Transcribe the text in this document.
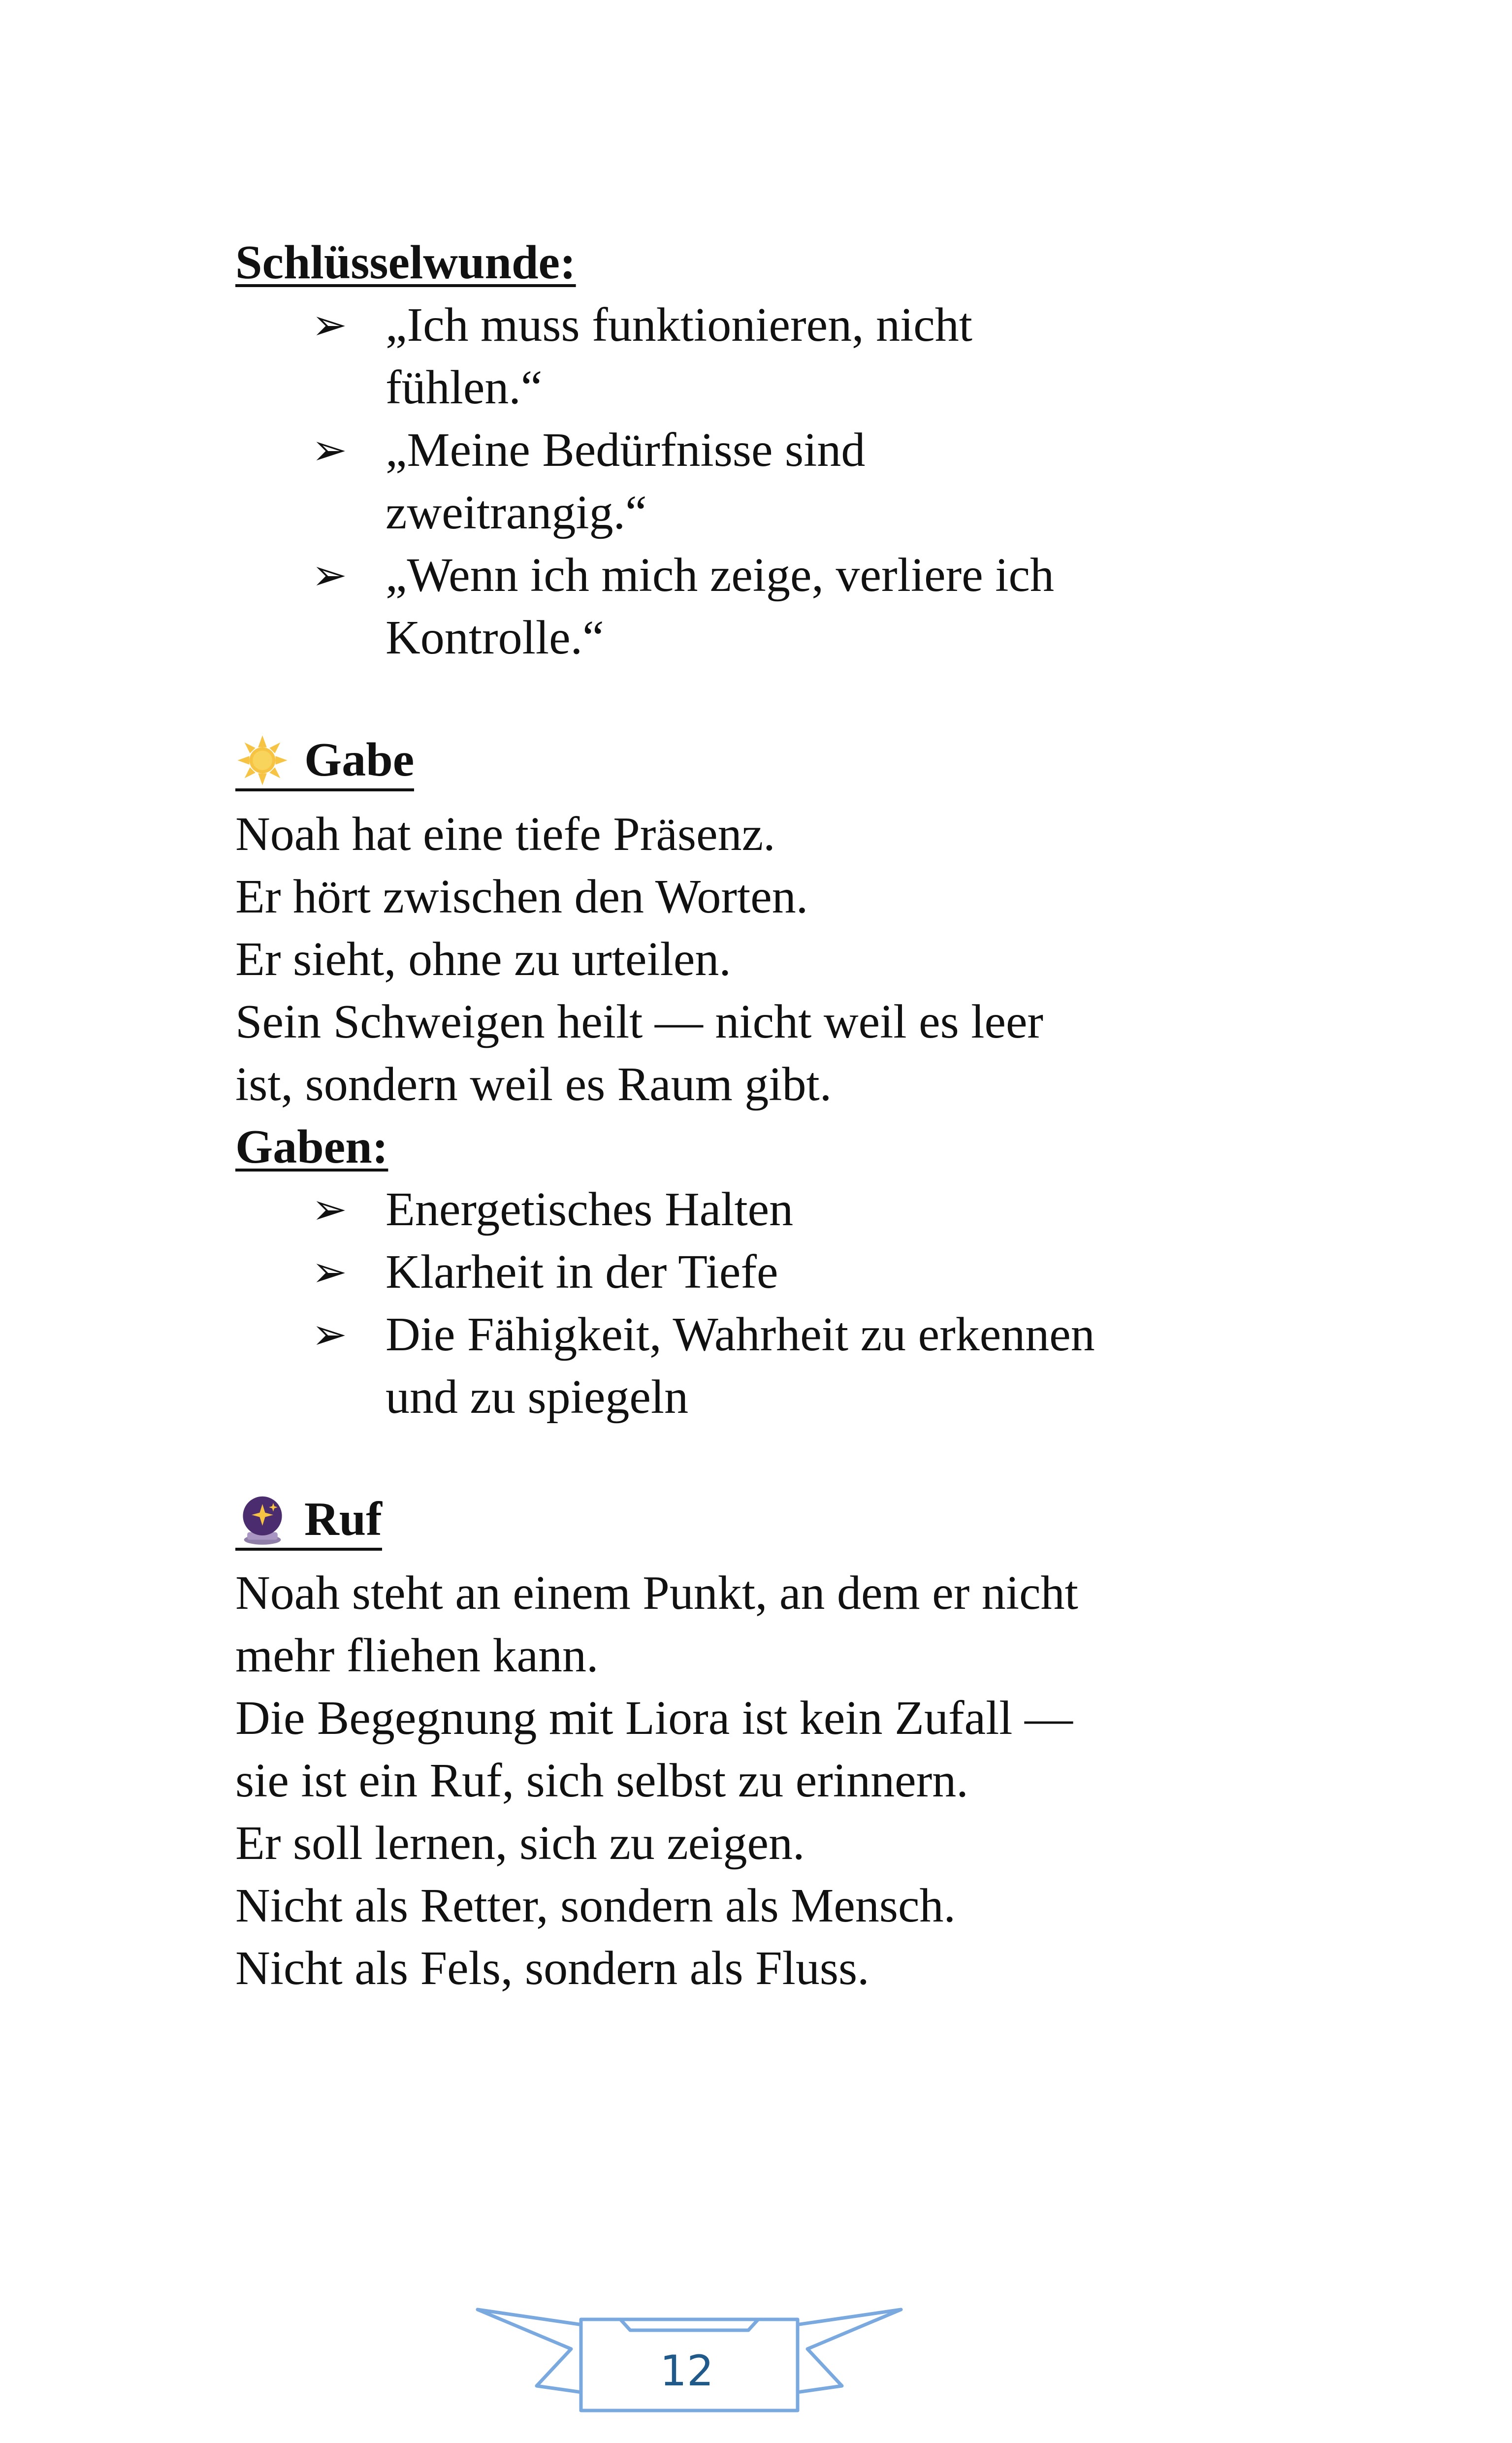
Schlüsselwunde:
➢ „Ich muss funktionieren, nicht fühlen.“
➢ „Meine Bedürfnisse sind zweitrangig.“
➢ „Wenn ich mich zeige, verliere ich Kontrolle.“
Gabe
Noah hat eine tiefe Präsenz.
Er hört zwischen den Worten.
Er sieht, ohne zu urteilen.
Sein Schweigen heilt — nicht weil es leer
ist, sondern weil es Raum gibt.
Gaben:
➢ Energetisches Halten
➢ Klarheit in der Tiefe
➢ Die Fähigkeit, Wahrheit zu erkennen und zu spiegeln
Ruf
Noah steht an einem Punkt, an dem er nicht
mehr fliehen kann.
Die Begegnung mit Liora ist kein Zufall —
sie ist ein Ruf, sich selbst zu erinnern.
Er soll lernen, sich zu zeigen.
Nicht als Retter, sondern als Mensch.
Nicht als Fels, sondern als Fluss.
12
